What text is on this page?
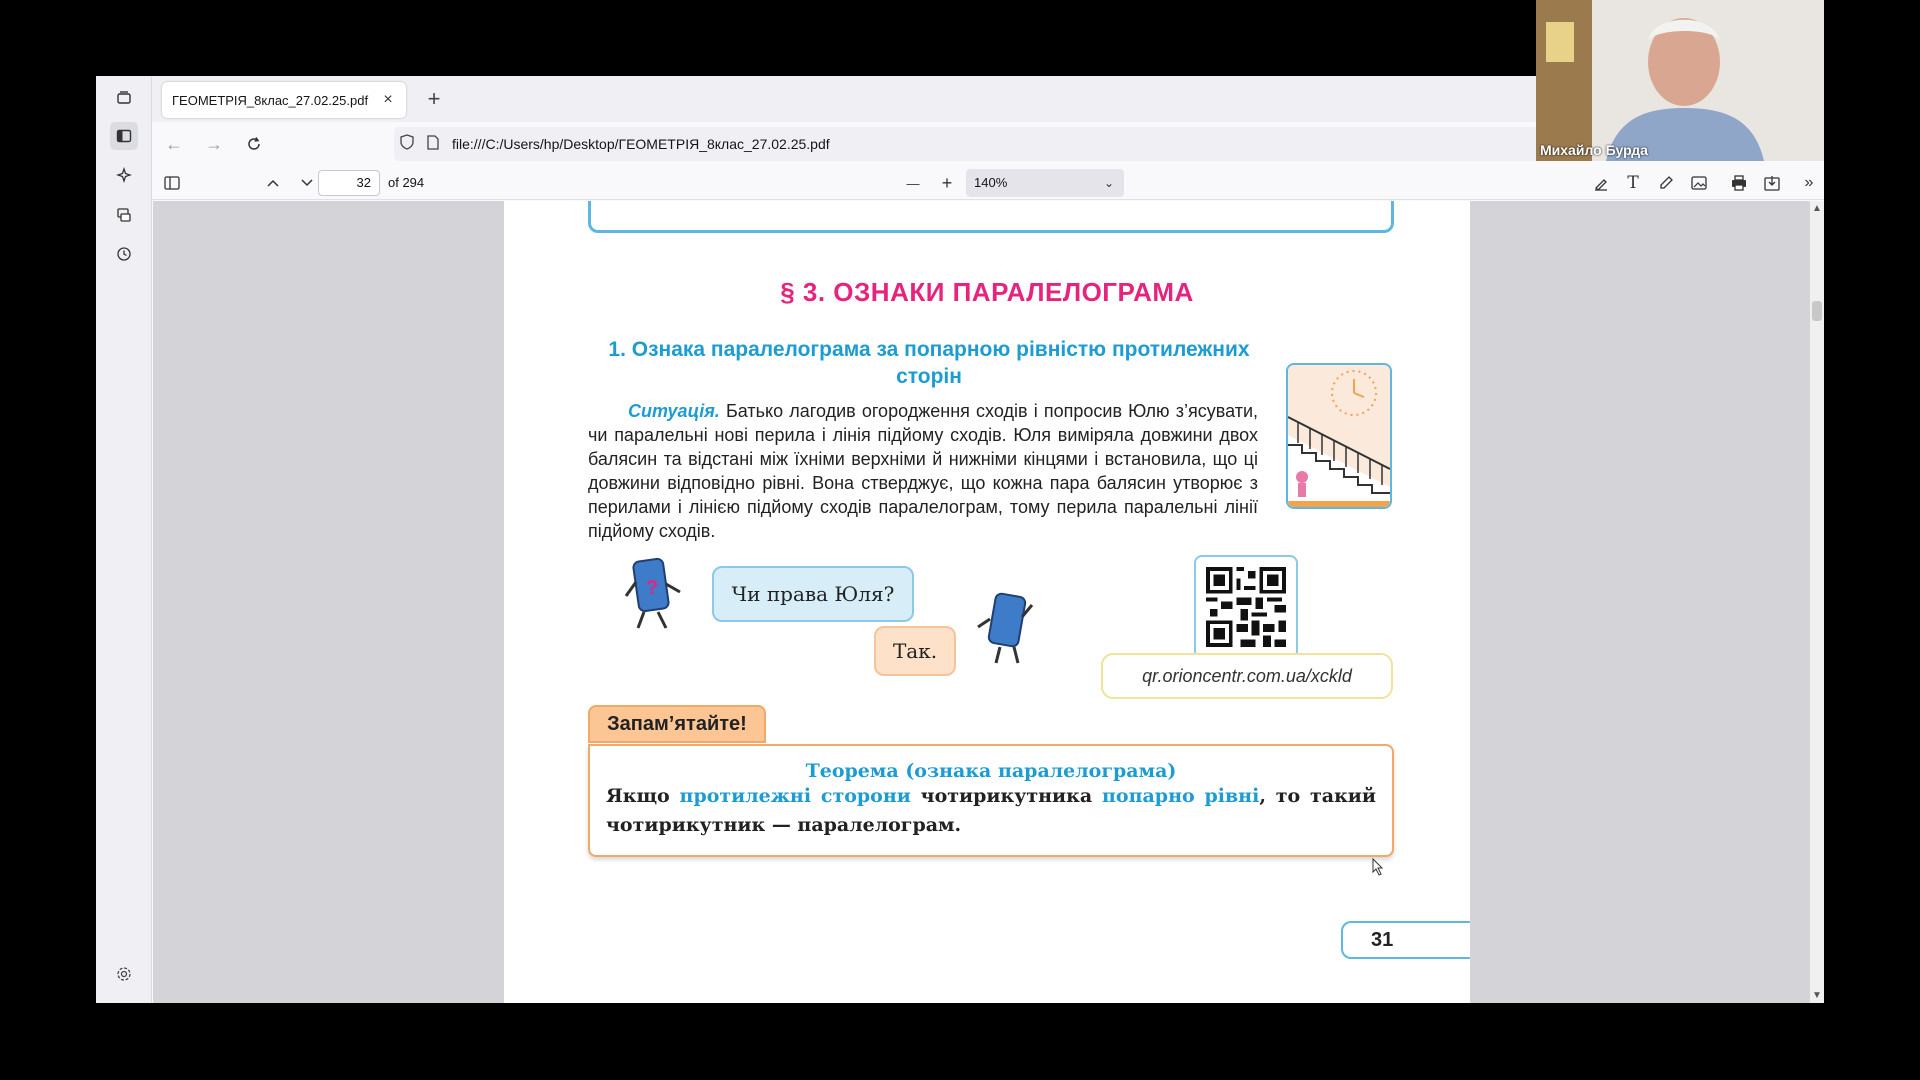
ГЕОМЕТРІЯ_8клас_27.02.25.pdf × +
← →	file:///C:/Users/hp/Desktop/ГЕОМЕТРІЯ_8клас_27.02.25.pdf
32	of 294	—	+	140%	⌄	T	»
§ 3. ОЗНАКИ ПАРАЛЕЛОГРАМА
1. Ознака паралелограма за попарною рівністю протилежних сторін
Ситуація. Батько лагодив огородження сходів і попросив Юлю з’ясувати, чи паралельні нові перила і лінія підйому сходів. Юля виміряла довжини двох балясин та відстані між їхніми верхніми й нижніми кінцями і встановила, що ці довжини відповідно рівні. Вона стверджує, що кожна пара балясин утворює з перилами і лінією підйому сходів паралелограм, тому перила паралельні лінії підйому сходів.
?	Чи права Юля?
Так.
qr.orioncentr.com.ua/xckld
Запам’ятайте!
Теорема (ознака паралелограма)
Якщо протилежні сторони чотирикутника попарно рівні, то такий чотирикутник — паралелограм.
31
▲
▼
Михайло Бурда
